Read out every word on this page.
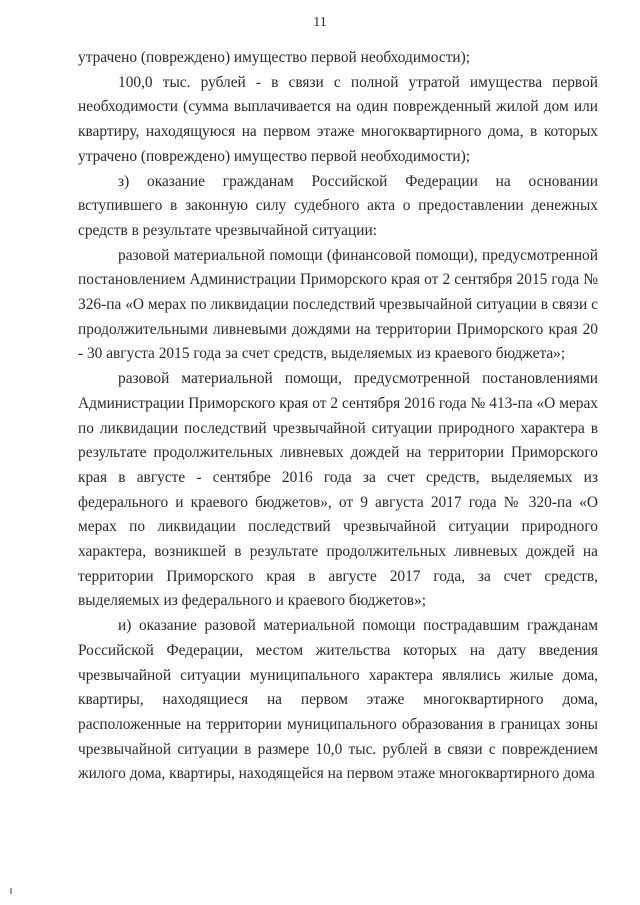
11

утрачено (повреждено) имущество первой необходимости);

100,0 тыс. рублей - в связи с полной утратой имущества первой необходимости (сумма выплачивается на один поврежденный жилой дом или квартиру, находящуюся на первом этаже многоквартирного дома, в которых утрачено (повреждено) имущество первой необходимости);

з) оказание гражданам Российской Федерации на основании вступившего в законную силу судебного акта о предоставлении денежных средств в результате чрезвычайной ситуации:

разовой материальной помощи (финансовой помощи), предусмотренной постановлением Администрации Приморского края от 2 сентября 2015 года № 326-па «О мерах по ликвидации последствий чрезвычайной ситуации в связи с продолжительными ливневыми дождями на территории Приморского края 20 - 30 августа 2015 года за счет средств, выделяемых из краевого бюджета»;

разовой материальной помощи, предусмотренной постановлениями Администрации Приморского края от 2 сентября 2016 года № 413-па «О мерах по ликвидации последствий чрезвычайной ситуации природного характера в результате продолжительных ливневых дождей на территории Приморского края в августе - сентябре 2016 года за счет средств, выделяемых из федерального и краевого бюджетов», от 9 августа 2017 года № 320-па «О мерах по ликвидации последствий чрезвычайной ситуации природного характера, возникшей в результате продолжительных ливневых дождей на территории Приморского края в августе 2017 года, за счет средств, выделяемых из федерального и краевого бюджетов»;

и) оказание разовой материальной помощи пострадавшим гражданам Российской Федерации, местом жительства которых на дату введения чрезвычайной ситуации муниципального характера являлись жилые дома, квартиры, находящиеся на первом этаже многоквартирного дома, расположенные на территории муниципального образования в границах зоны чрезвычайной ситуации в размере 10,0 тыс. рублей в связи с повреждением жилого дома, квартиры, находящейся на первом этаже многоквартирного дома
